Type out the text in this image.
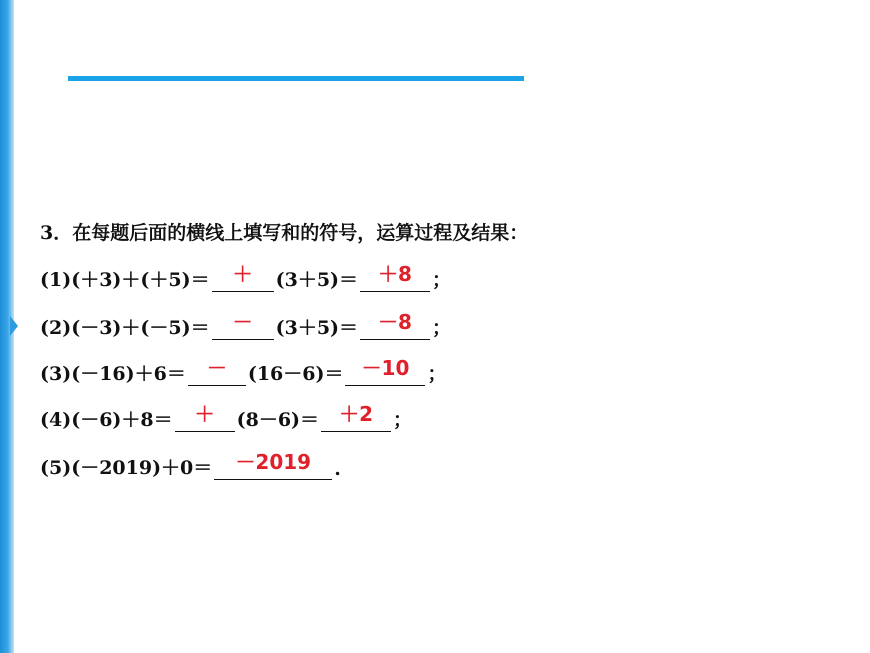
3．在每题后面的横线上填写和的符号，运算过程及结果：
(1)(＋3)＋(＋5)＝	＋	(3＋5)＝	＋8	；
(2)(－3)＋(－5)＝	－	(3＋5)＝	－8	；
(3)(－16)＋6＝	－	(16－6)＝ －10 ；
(4)(－6)＋8＝	＋	(8－6)＝	＋2	；
(5)(－2019)＋0＝	－2019	.
